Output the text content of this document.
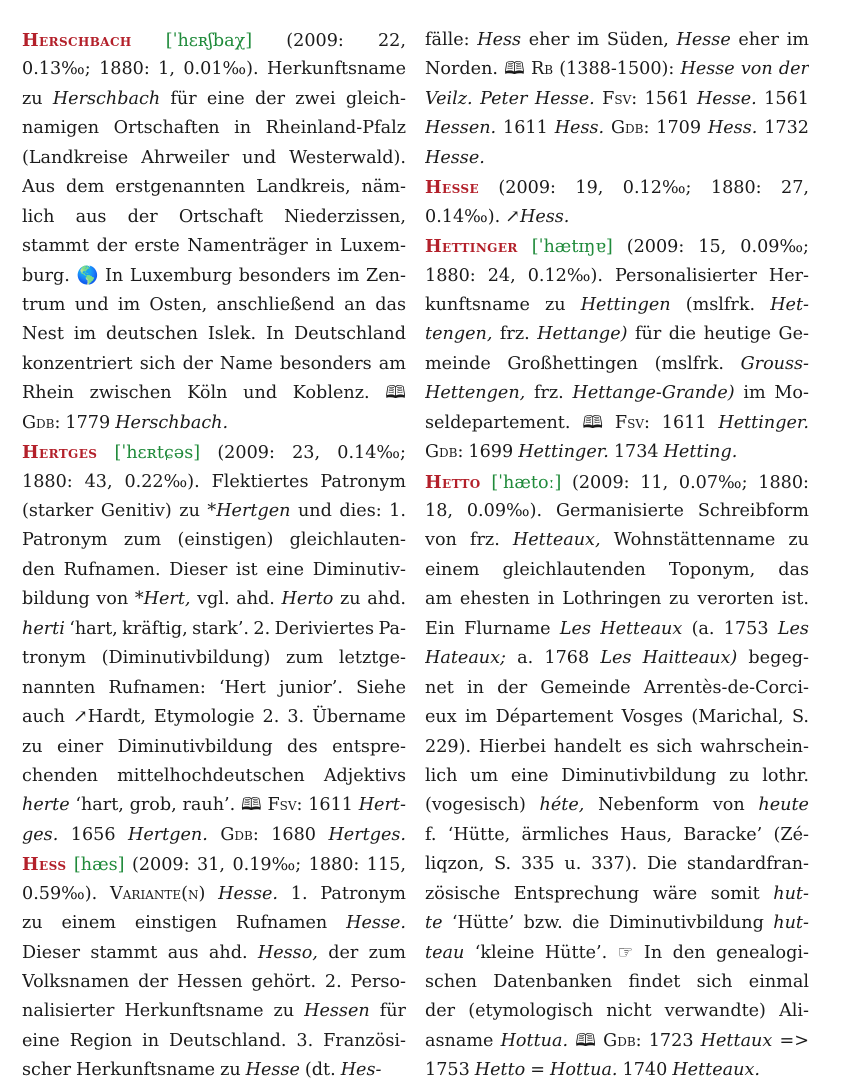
Herschbach [ˈhɛʀʃbaχ] (2009: 22,
0.13‰; 1880: 1, 0.01‰). Herkunftsname
zu Herschbach für eine der zwei gleich-
namigen Ortschaften in Rheinland-Pfalz
(Landkreise Ahrweiler und Westerwald).
Aus dem erstgenannten Landkreis, näm-
lich aus der Ortschaft Niederzissen,
stammt der erste Namenträger in Luxem-
burg. 🌎 In Luxemburg besonders im Zen-
trum und im Osten, anschließend an das
Nest im deutschen Islek. In Deutschland
konzentriert sich der Name besonders am
Rhein zwischen Köln und Koblenz. 🕮
Gdb: 1779 Herschbach.
Hertges [ˈhɛʀtɕəs] (2009: 23, 0.14‰;
1880: 43, 0.22‰). Flektiertes Patronym
(starker Genitiv) zu *Hertgen und dies: 1.
Patronym zum (einstigen) gleichlauten-
den Rufnamen. Dieser ist eine Diminutiv-
bildung von *Hert, vgl. ahd. Herto zu ahd.
herti ‘hart, kräftig, stark’. 2. Deriviertes Pa-
tronym (Diminutivbildung) zum letztge-
nannten Rufnamen: ‘Hert junior’. Siehe
auch ↗Hardt, Etymologie 2. 3. Übername
zu einer Diminutivbildung des entspre-
chenden mittelhochdeutschen Adjektivs
herte ‘hart, grob, rauh’. 🕮 Fsv: 1611 Hert-
ges. 1656 Hertgen. Gdb: 1680 Hertges.
Hess [hæs] (2009: 31, 0.19‰; 1880: 115,
0.59‰). Variante(n) Hesse. 1. Patronym
zu einem einstigen Rufnamen Hesse.
Dieser stammt aus ahd. Hesso, der zum
Volksnamen der Hessen gehört. 2. Perso-
nalisierter Herkunftsname zu Hessen für
eine Region in Deutschland. 3. Französi-
scher Herkunftsname zu Hesse (dt. Hes-
fälle: Hess eher im Süden, Hesse eher im
Norden. 🕮 Rb (1388-1500): Hesse von der
Veilz. Peter Hesse. Fsv: 1561 Hesse. 1561
Hessen. 1611 Hess. Gdb: 1709 Hess. 1732
Hesse.
Hesse (2009: 19, 0.12‰; 1880: 27,
0.14‰). ↗Hess.
Hettinger [ˈhætɪŋɐ] (2009: 15, 0.09‰;
1880: 24, 0.12‰). Personalisierter Her-
kunftsname zu Hettingen (mslfrk. Het-
tengen, frz. Hettange) für die heutige Ge-
meinde Großhettingen (mslfrk. Grouss-
Hettengen, frz. Hettange-Grande) im Mo-
seldepartement. 🕮 Fsv: 1611 Hettinger.
Gdb: 1699 Hettinger. 1734 Hetting.
Hetto [ˈhætoː] (2009: 11, 0.07‰; 1880:
18, 0.09‰). Germanisierte Schreibform
von frz. Hetteaux, Wohnstättenname zu
einem gleichlautenden Toponym, das
am ehesten in Lothringen zu verorten ist.
Ein Flurname Les Hetteaux (a. 1753 Les
Hateaux; a. 1768 Les Haitteaux) begeg-
net in der Gemeinde Arrentès-de-Corci-
eux im Département Vosges (Marichal, S.
229). Hierbei handelt es sich wahrschein-
lich um eine Diminutivbildung zu lothr.
(vogesisch) héte, Nebenform von heute
f. ‘Hütte, ärmliches Haus, Baracke’ (Zé-
liqzon, S. 335 u. 337). Die standardfran-
zösische Entsprechung wäre somit hut-
te ‘Hütte’ bzw. die Diminutivbildung hut-
teau ‘kleine Hütte’. ☞ In den genealogi-
schen Datenbanken findet sich einmal
der (etymologisch nicht verwandte) Ali-
asname Hottua. 🕮 Gdb: 1723 Hettaux =>
1753 Hetto = Hottua. 1740 Hetteaux.
